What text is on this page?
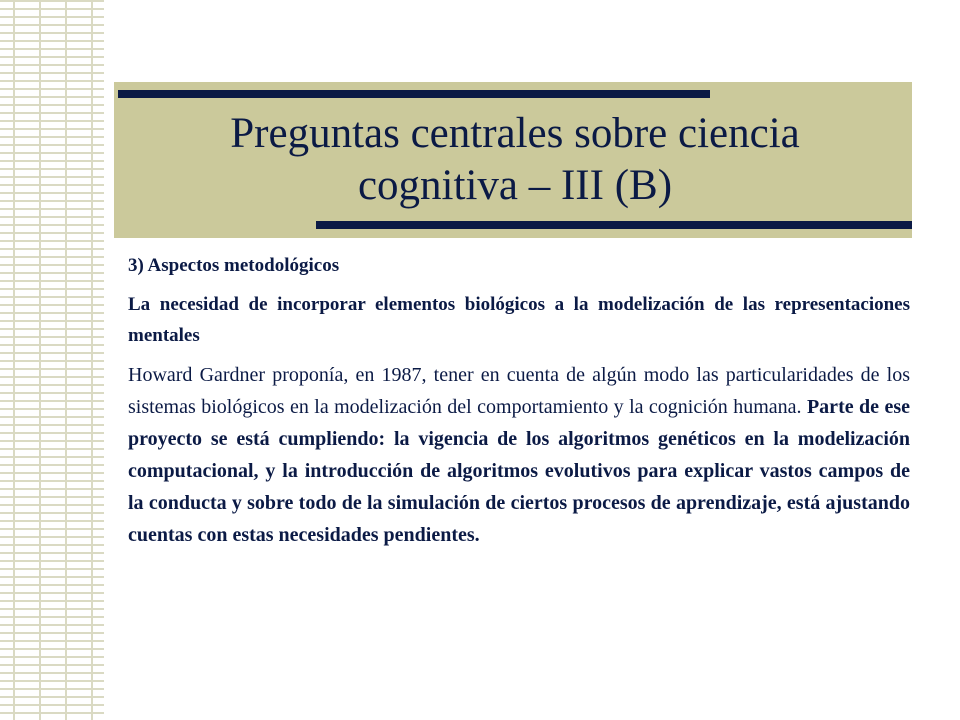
Preguntas centrales sobre ciencia
cognitiva – III (B)

3) Aspectos metodológicos

La necesidad de incorporar elementos biológicos a la modelización de las representaciones mentales

Howard Gardner proponía, en 1987, tener en cuenta de algún modo las particularidades de los sistemas biológicos en la modelización del comportamiento y la cognición humana. Parte de ese proyecto se está cumpliendo: la vigencia de los algoritmos genéticos en la modelización computacional, y la introducción de algoritmos evolutivos para explicar vastos campos de la conducta y sobre todo de la simulación de ciertos procesos de aprendizaje, está ajustando cuentas con estas necesidades pendientes.
